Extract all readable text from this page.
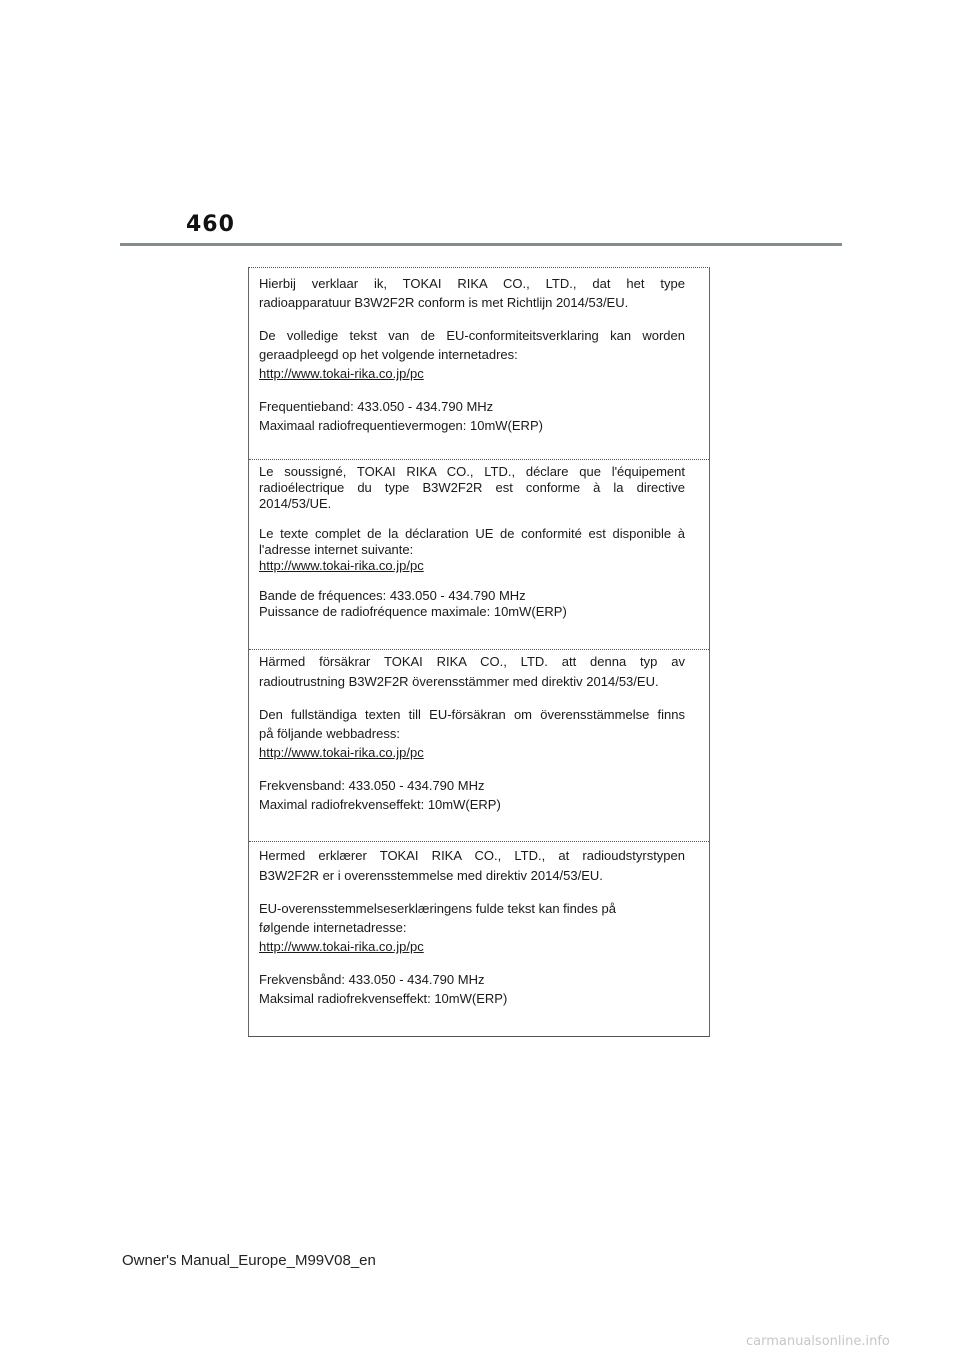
460
Hierbij verklaar ik, TOKAI RIKA CO., LTD., dat het type
radioapparatuur B3W2F2R conform is met Richtlijn 2014/53/EU.
De volledige tekst van de EU-conformiteitsverklaring kan worden
geraadpleegd op het volgende internetadres:
http://www.tokai-rika.co.jp/pc
Frequentieband: 433.050 - 434.790 MHz
Maximaal radiofrequentievermogen: 10mW(ERP)
Le soussigné, TOKAI RIKA CO., LTD., déclare que l'équipement
radioélectrique du type B3W2F2R est conforme à la directive
2014/53/UE.
Le texte complet de la déclaration UE de conformité est disponible à
l'adresse internet suivante:
http://www.tokai-rika.co.jp/pc
Bande de fréquences: 433.050 - 434.790 MHz
Puissance de radiofréquence maximale: 10mW(ERP)
Härmed försäkrar TOKAI RIKA CO., LTD. att denna typ av
radioutrustning B3W2F2R överensstämmer med direktiv 2014/53/EU.
Den fullständiga texten till EU-försäkran om överensstämmelse finns
på följande webbadress:
http://www.tokai-rika.co.jp/pc
Frekvensband: 433.050 - 434.790 MHz
Maximal radiofrekvenseffekt: 10mW(ERP)
Hermed erklærer TOKAI RIKA CO., LTD., at radioudstyrstypen
B3W2F2R er i overensstemmelse med direktiv 2014/53/EU.
EU-overensstemmelseserklæringens fulde tekst kan findes på
følgende internetadresse:
http://www.tokai-rika.co.jp/pc
Frekvensbånd: 433.050 - 434.790 MHz
Maksimal radiofrekvenseffekt: 10mW(ERP)
Owner's Manual_Europe_M99V08_en
carmanualsonline.info
